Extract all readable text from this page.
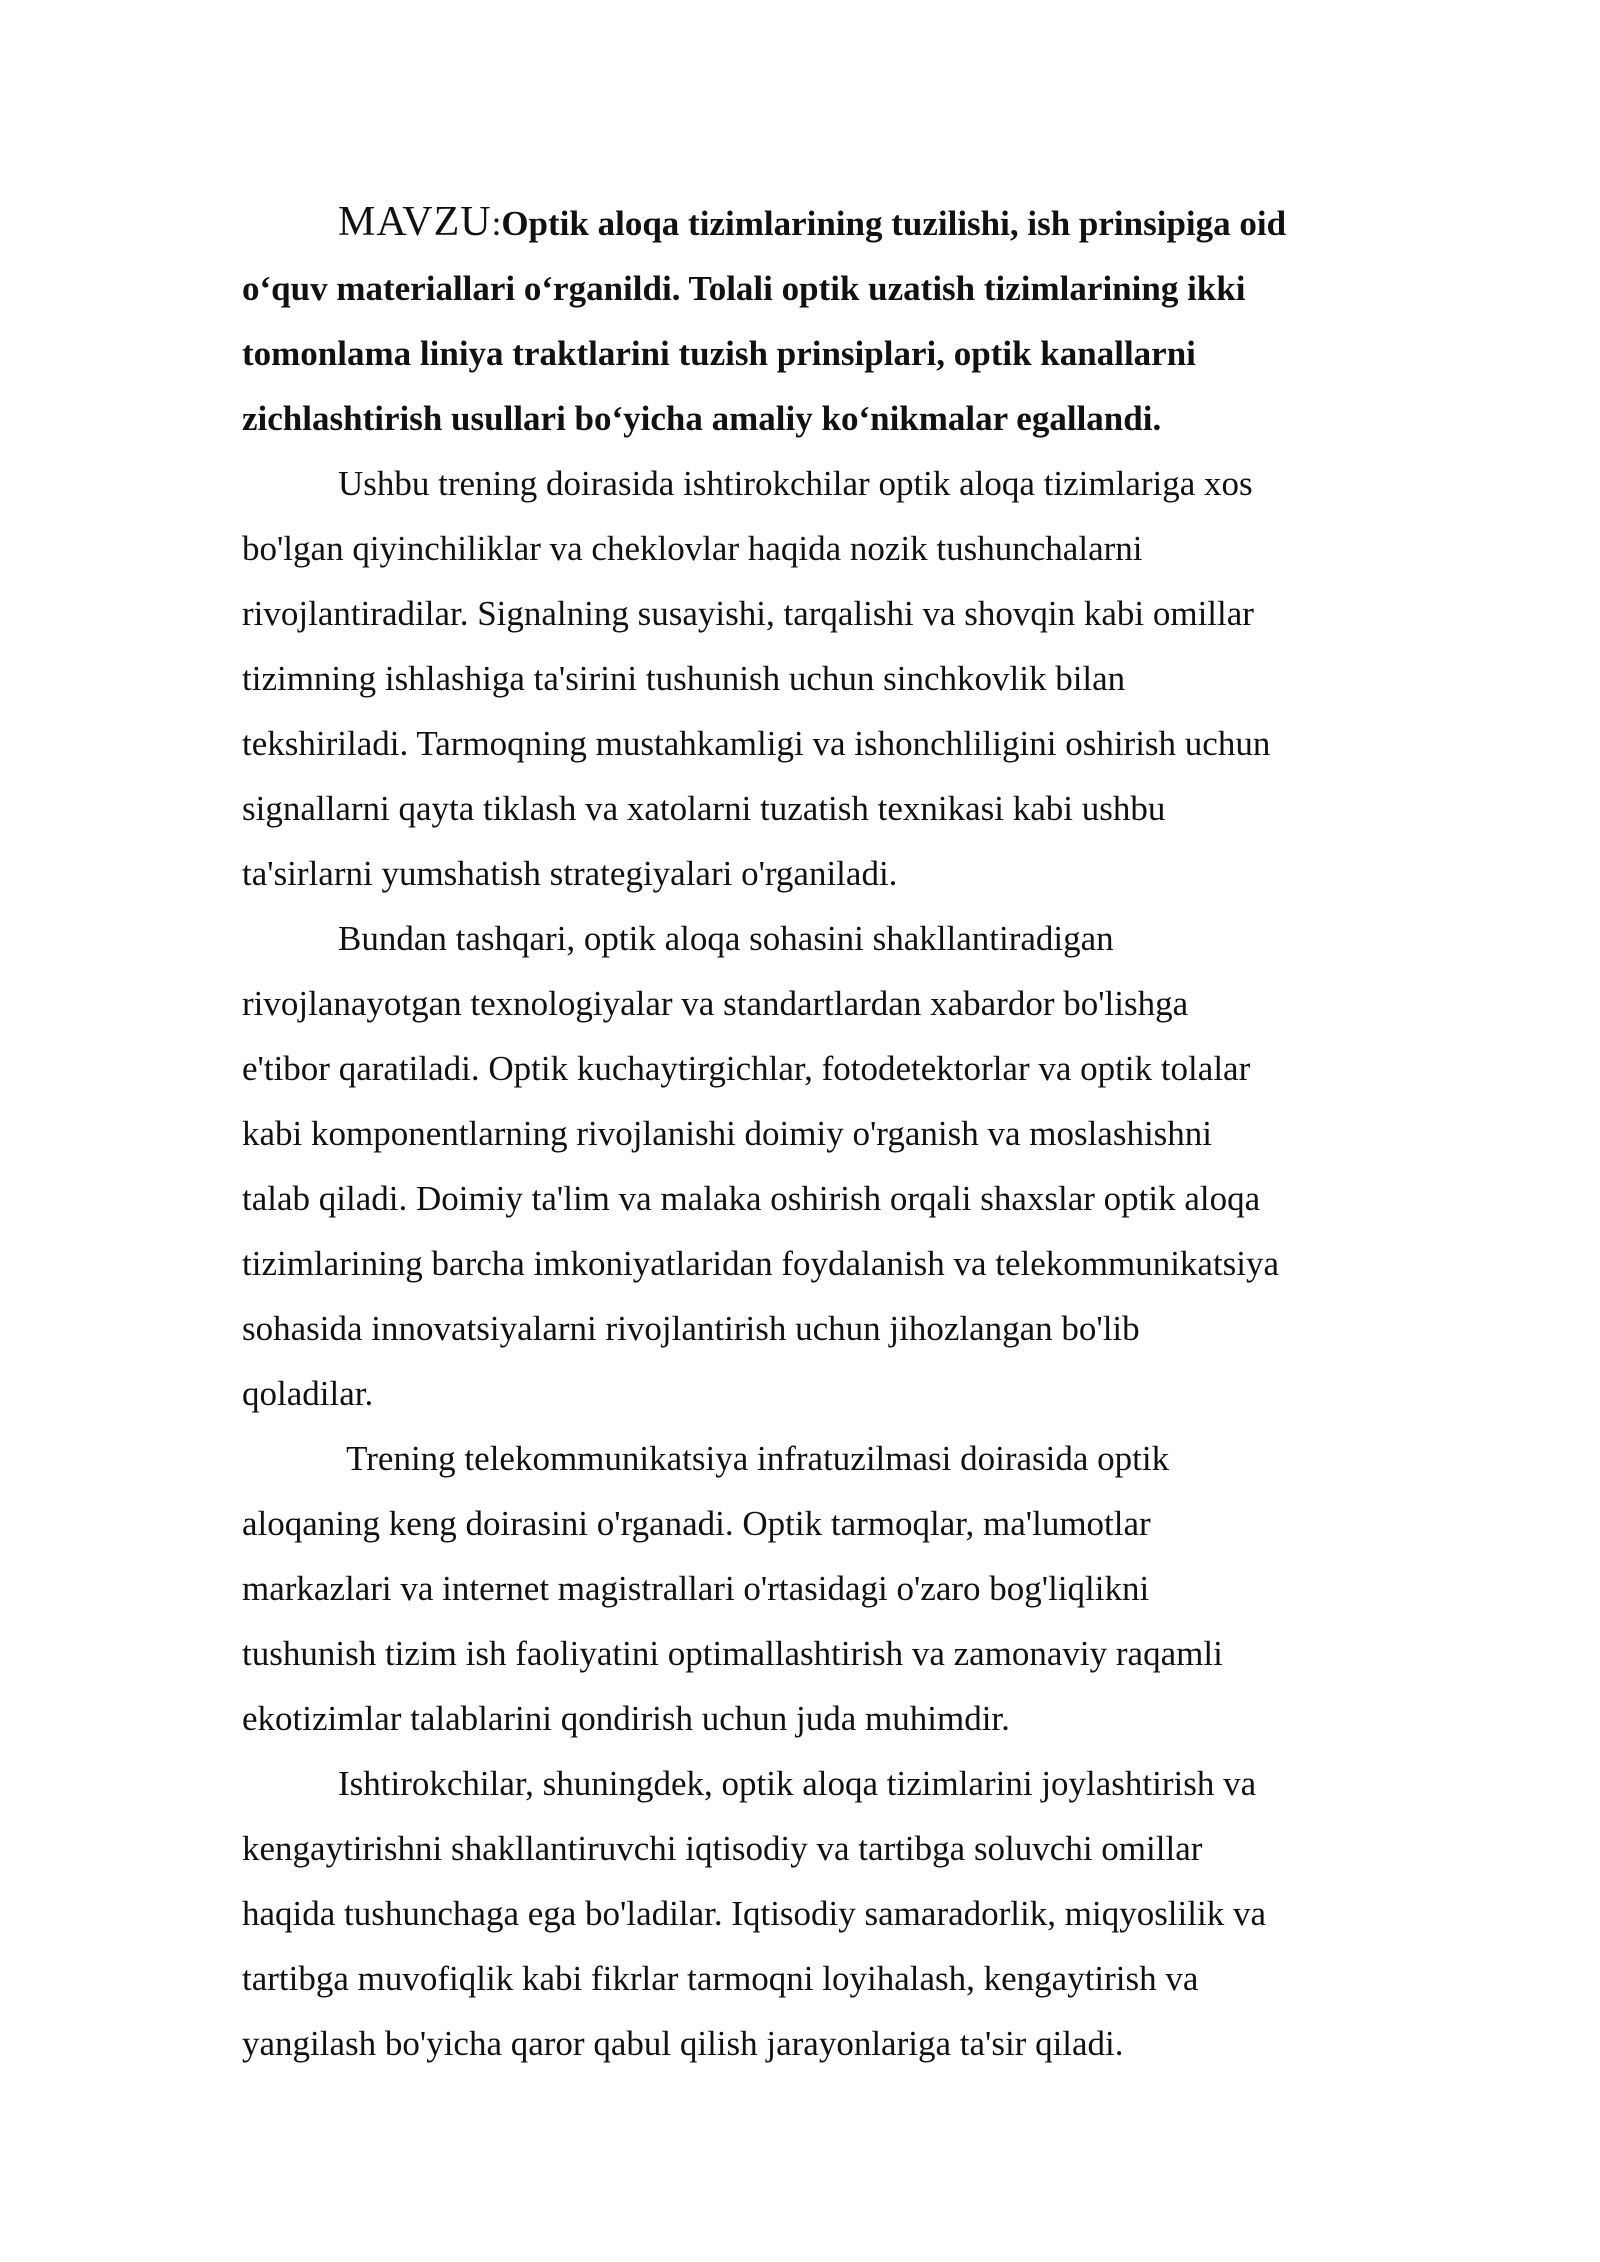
MAVZU:Optik aloqa tizimlarining tuzilishi, ish prinsipiga oid
o‘quv materiallari o‘rganildi. Tolali optik uzatish tizimlarining ikki
tomonlama liniya traktlarini tuzish prinsiplari, optik kanallarni
zichlashtirish usullari bo‘yicha amaliy ko‘nikmalar egallandi.

Ushbu trening doirasida ishtirokchilar optik aloqa tizimlariga xos
bo'lgan qiyinchiliklar va cheklovlar haqida nozik tushunchalarni
rivojlantiradilar. Signalning susayishi, tarqalishi va shovqin kabi omillar
tizimning ishlashiga ta'sirini tushunish uchun sinchkovlik bilan
tekshiriladi. Tarmoqning mustahkamligi va ishonchliligini oshirish uchun
signallarni qayta tiklash va xatolarni tuzatish texnikasi kabi ushbu
ta'sirlarni yumshatish strategiyalari o'rganiladi.

Bundan tashqari, optik aloqa sohasini shakllantiradigan
rivojlanayotgan texnologiyalar va standartlardan xabardor bo'lishga
e'tibor qaratiladi. Optik kuchaytirgichlar, fotodetektorlar va optik tolalar
kabi komponentlarning rivojlanishi doimiy o'rganish va moslashishni
talab qiladi. Doimiy ta'lim va malaka oshirish orqali shaxslar optik aloqa
tizimlarining barcha imkoniyatlaridan foydalanish va telekommunikatsiya
sohasida innovatsiyalarni rivojlantirish uchun jihozlangan bo'lib
qoladilar.

Trening telekommunikatsiya infratuzilmasi doirasida optik
aloqaning keng doirasini o'rganadi. Optik tarmoqlar, ma'lumotlar
markazlari va internet magistrallari o'rtasidagi o'zaro bog'liqlikni
tushunish tizim ish faoliyatini optimallashtirish va zamonaviy raqamli
ekotizimlar talablarini qondirish uchun juda muhimdir.

Ishtirokchilar, shuningdek, optik aloqa tizimlarini joylashtirish va
kengaytirishni shakllantiruvchi iqtisodiy va tartibga soluvchi omillar
haqida tushunchaga ega bo'ladilar. Iqtisodiy samaradorlik, miqyoslilik va
tartibga muvofiqlik kabi fikrlar tarmoqni loyihalash, kengaytirish va
yangilash bo'yicha qaror qabul qilish jarayonlariga ta'sir qiladi.
